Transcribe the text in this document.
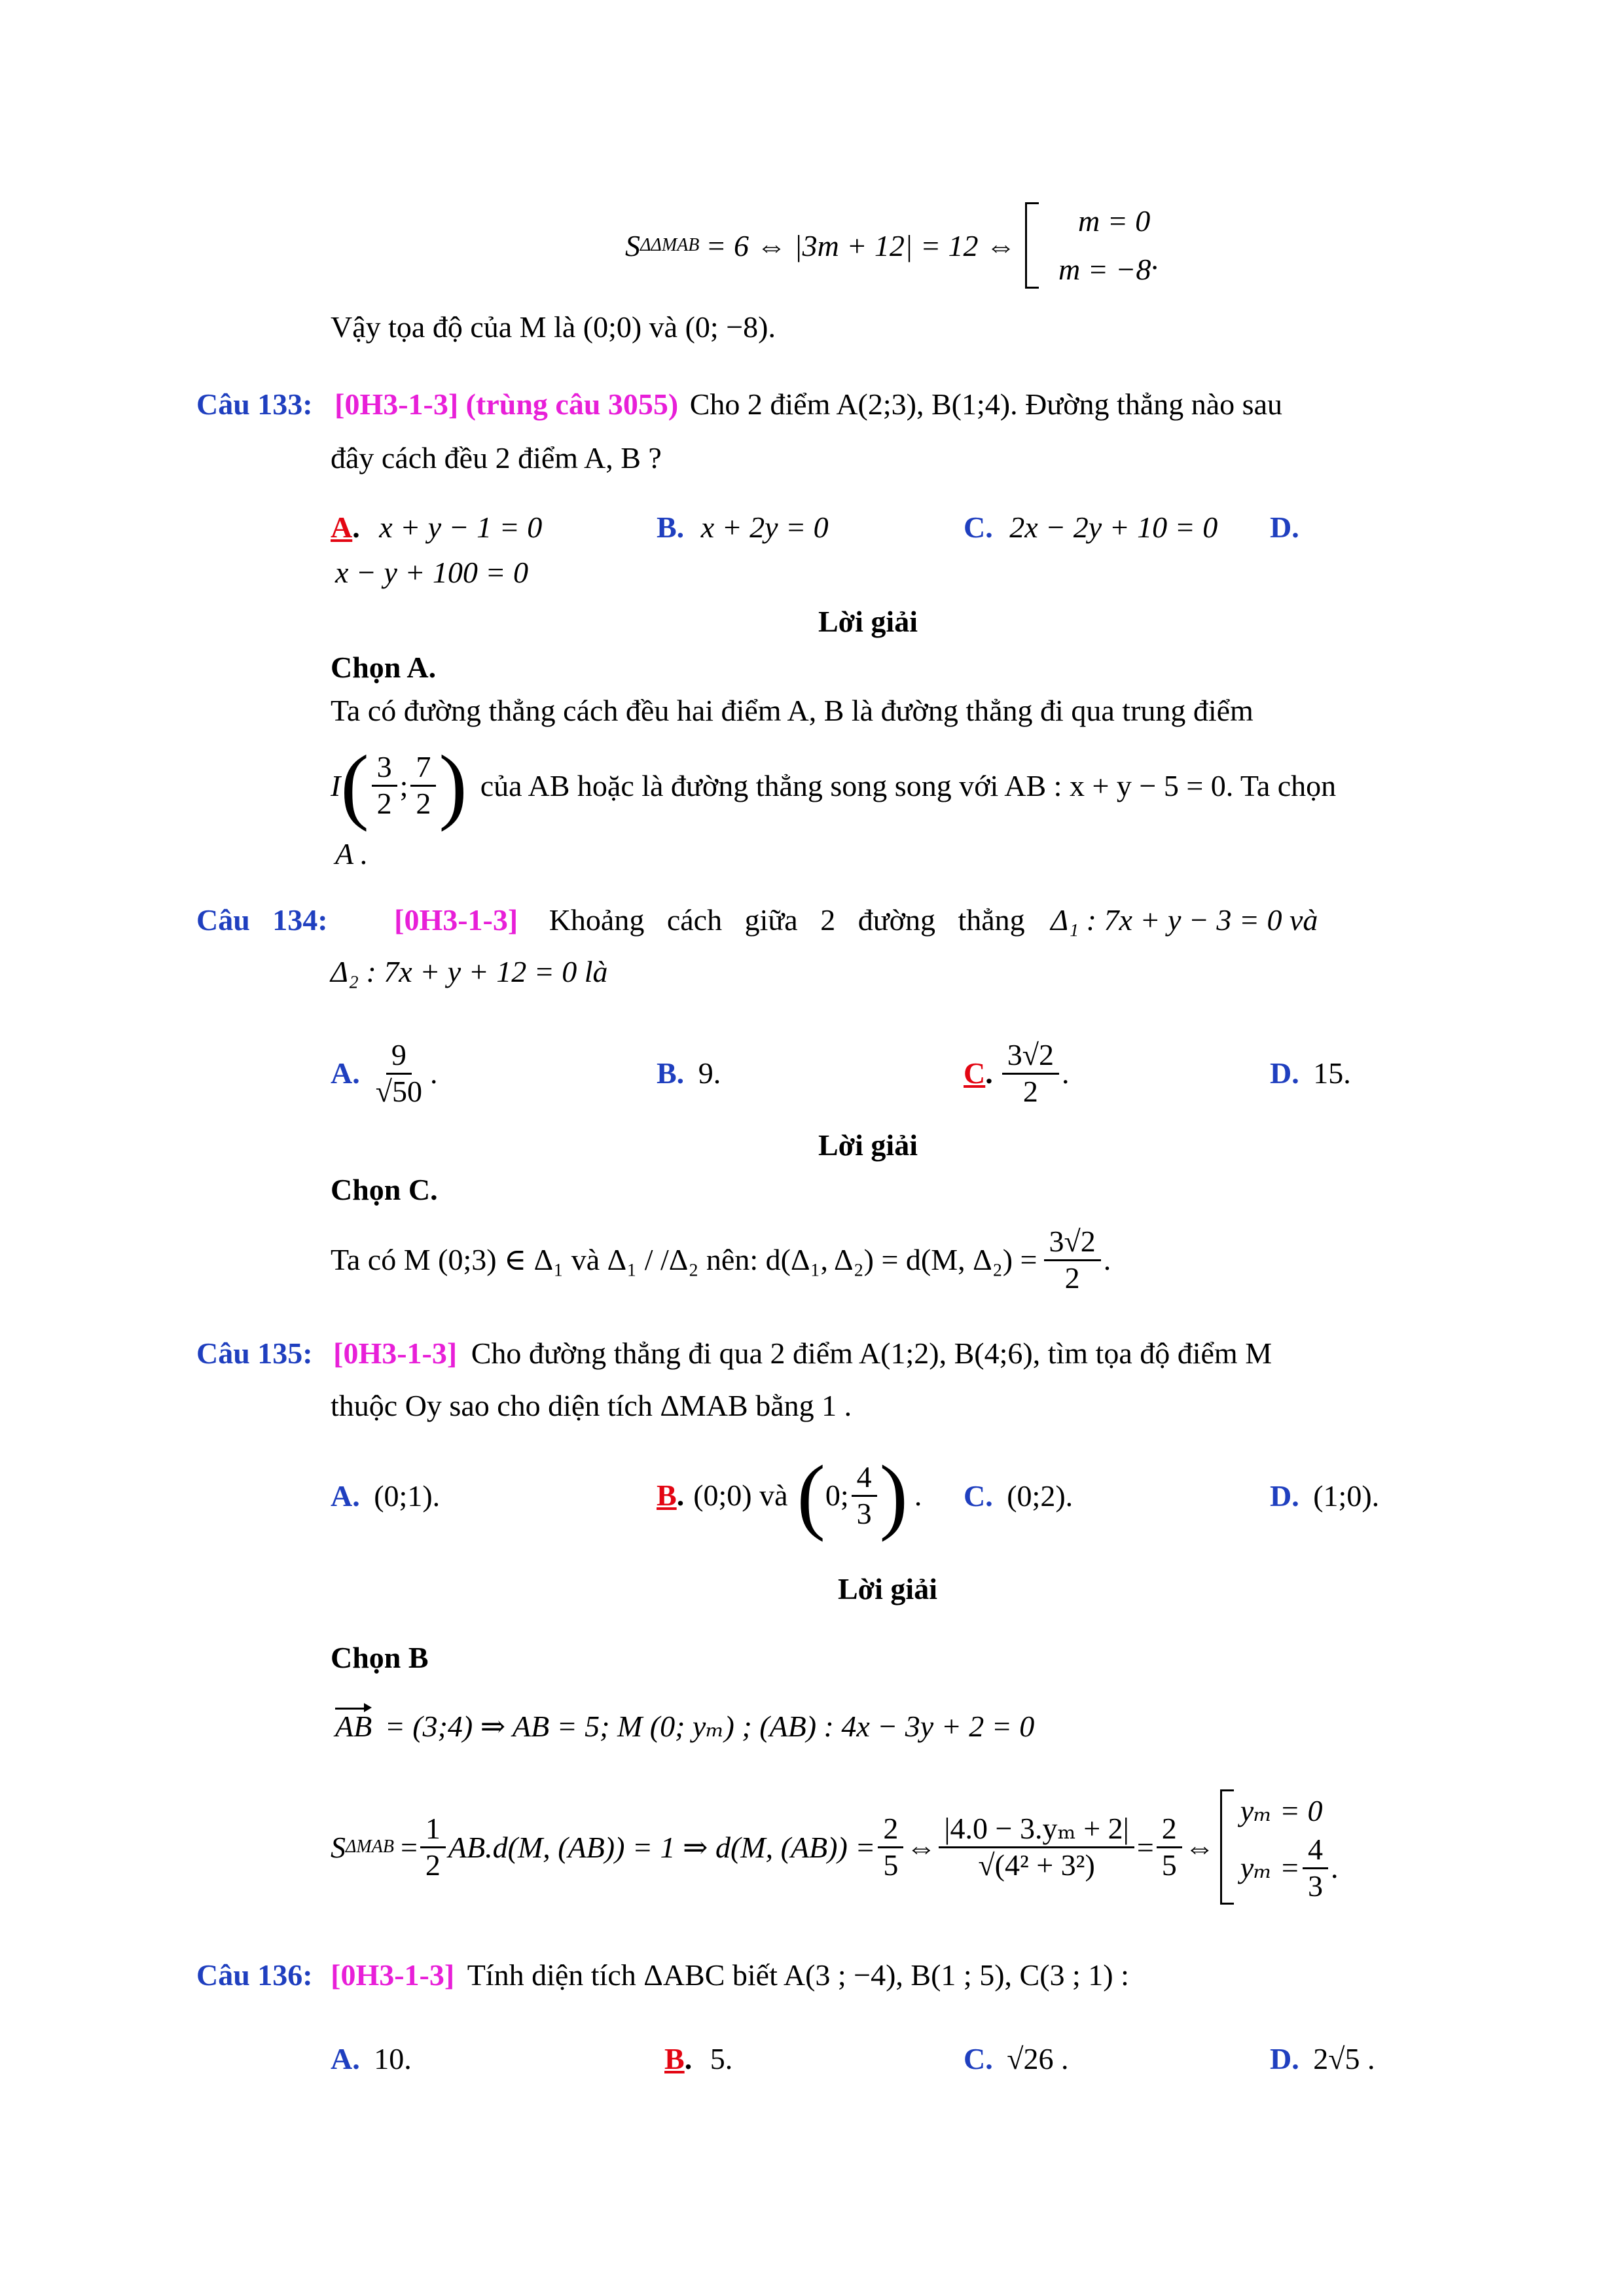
S ΔΔMAB = 6 ⇔ |3m + 12| = 12 ⇔
m = 0
m = −8 .
Vậy tọa độ của M là (0;0) và (0; −8).
Câu 133: [0H3-1-3] (trùng câu 3055) Cho 2 điểm A(2;3), B(1;4). Đường thẳng nào sau
đây cách đều 2 điểm A, B ?
A. x + y − 1 = 0	B. x + 2y = 0	C. 2x − 2y + 10 = 0 D.
x − y + 100 = 0
Lời giải
Chọn A.
Ta có đường thẳng cách đều hai điểm A, B là đường thẳng đi qua trung điểm
I ( $\frac{3}{2}$ ; $\frac{7}{2}$ ) của AB hoặc là đường thẳng song song với AB : x + y − 5 = 0. Ta chọn
A .
Câu   134: [0H3-1-3] Khoảng   cách   giữa   2   đường   thẳng Δ₁ : 7x + y − 3 = 0 và
Δ₂ : 7x + y + 12 = 0 là
A. $\frac{9}{√50}$ .	B. 9.	C . $\frac{3√2}{2}$ .	D. 15.
Lời giải
Chọn C.
Ta có M (0;3) ∈ Δ₁ và Δ₁ / /Δ₂ nên: d(Δ₁, Δ₂) = d(M, $\Delta_2) = \frac{3√2}{2}$ .
Câu 135: [0H3-1-3] Cho đường thẳng đi qua 2 điểm A(1;2), B(4;6), tìm tọa độ điểm M
thuộc Oy sao cho diện tích ΔMAB bằng 1 .
A. (0;1).	B . (0;0) và ( 0; $\frac{4}{3}$ ) . C. (0;2).	D. (1;0).
Lời giải
Chọn B
AB = (3;4) ⇒ AB = 5; M (0; yₘ) ; (AB) : 4x − 3y + 2 = 0
S $\Delta MAB = \frac{1}{2} AB.d(M$, (AB)) = 1 ⇒ d(M, $(AB)) = \frac{2}{5}$ ⇔ $\frac{\text{|4.0 − 3.yₘ + 2|}}{\text{√(4² + 3²)}} = \frac{2}{5}$ ⇔
yₘ = 0
$y_m = \frac{4}{3}$ .
Câu 136: [0H3-1-3] Tính diện tích ΔABC biết A(3 ; −4), B(1 ; 5), C(3 ; 1) :
A. 10.	B. 5.	C. √26 .	D. 2√5 .
